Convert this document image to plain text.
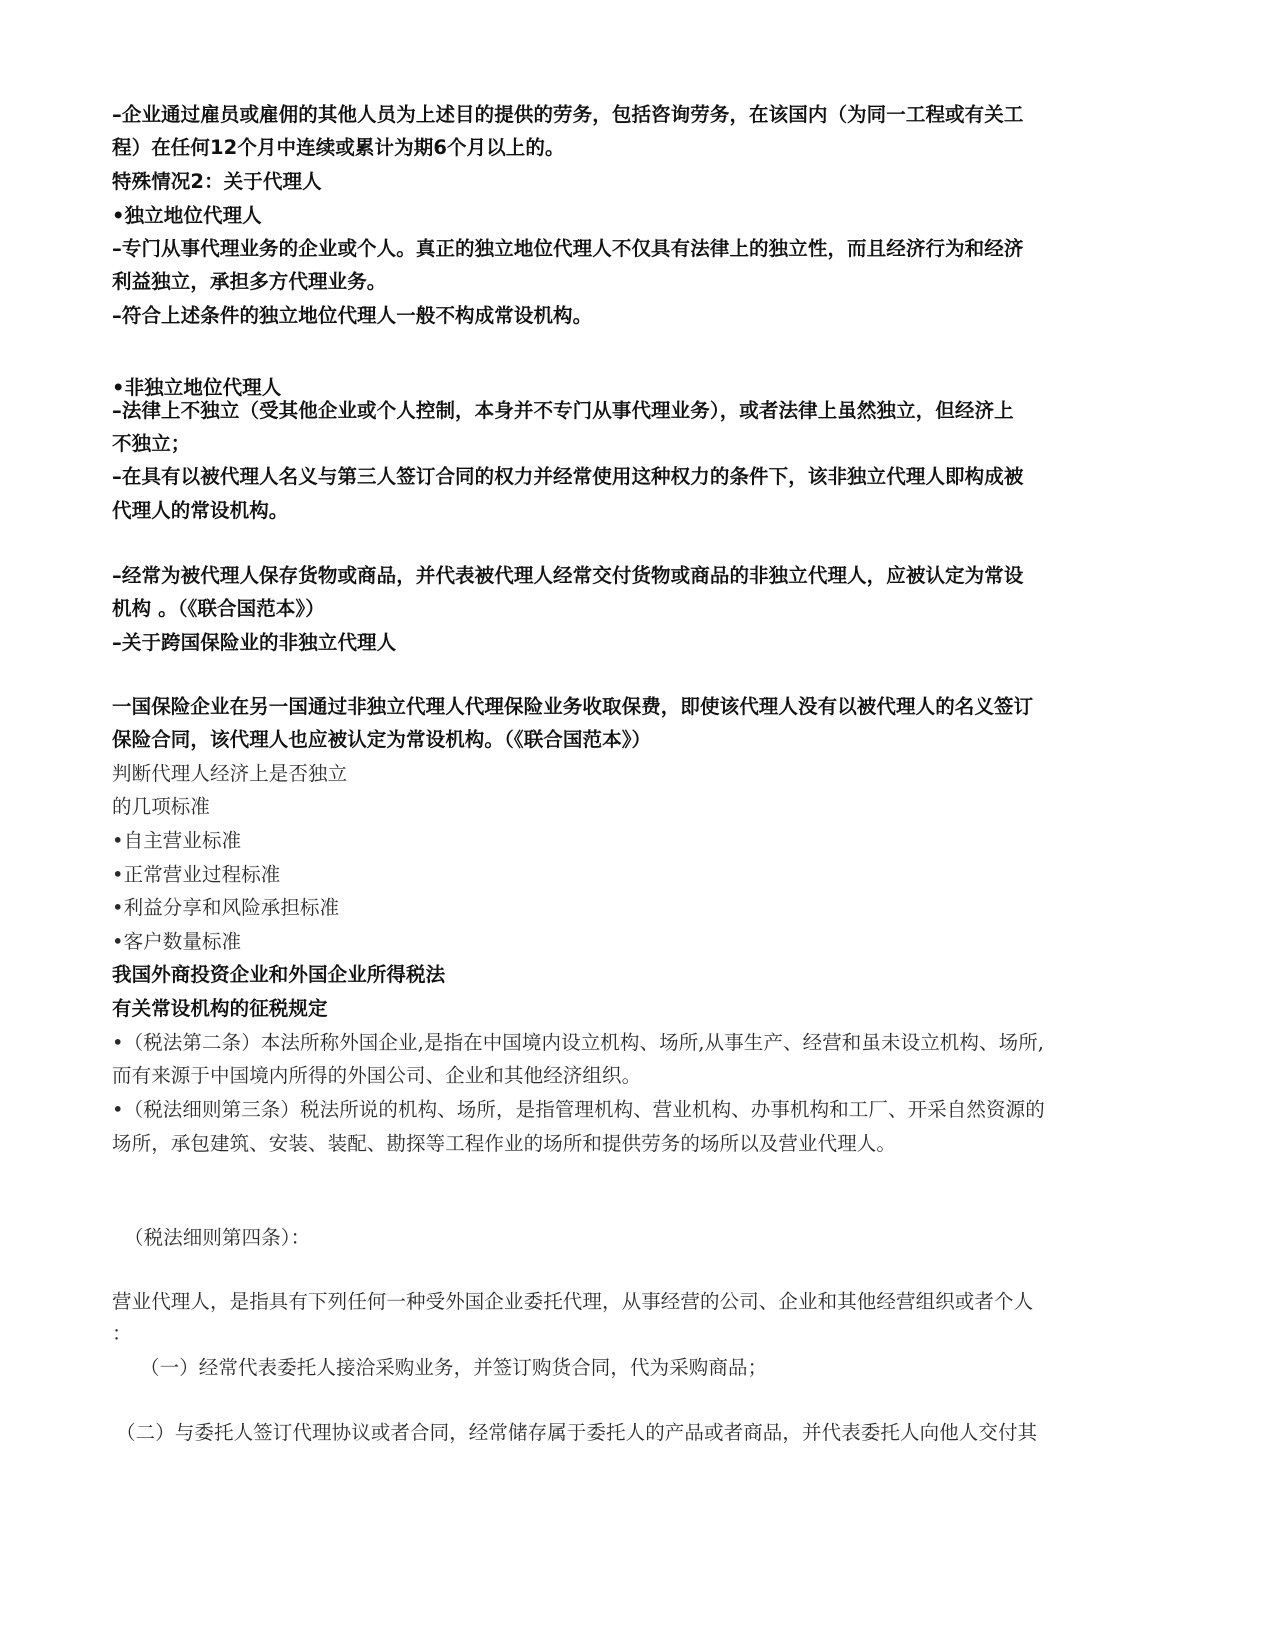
–企业通过雇员或雇佣的其他人员为上述目的提供的劳务，包括咨询劳务，在该国内（为同一工程或有关工
程）在任何12个月中连续或累计为期6个月以上的。
特殊情况2：关于代理人
•独立地位代理人
–专门从事代理业务的企业或个人。真正的独立地位代理人不仅具有法律上的独立性，而且经济行为和经济
利益独立，承担多方代理业务。
–符合上述条件的独立地位代理人一般不构成常设机构。
•非独立地位代理人
–法律上不独立（受其他企业或个人控制，本身并不专门从事代理业务），或者法律上虽然独立，但经济上
不独立；
–在具有以被代理人名义与第三人签订合同的权力并经常使用这种权力的条件下，该非独立代理人即构成被
代理人的常设机构。
–经常为被代理人保存货物或商品，并代表被代理人经常交付货物或商品的非独立代理人，应被认定为常设
机构 。（《联合国范本》）
–关于跨国保险业的非独立代理人
一国保险企业在另一国通过非独立代理人代理保险业务收取保费，即使该代理人没有以被代理人的名义签订
保险合同，该代理人也应被认定为常设机构。（《联合国范本》）
判断代理人经济上是否独立
的几项标准
•自主营业标准
•正常营业过程标准
•利益分享和风险承担标准
•客户数量标准
我国外商投资企业和外国企业所得税法
有关常设机构的征税规定
•（税法第二条）本法所称外国企业,是指在中国境内设立机构、场所,从事生产、经营和虽未设立机构、场所,
而有来源于中国境内所得的外国公司、企业和其他经济组织。
•（税法细则第三条）税法所说的机构、场所，是指管理机构、营业机构、办事机构和工厂、开采自然资源的
场所，承包建筑、安装、装配、勘探等工程作业的场所和提供劳务的场所以及营业代理人。
（税法细则第四条）：
营业代理人，是指具有下列任何一种受外国企业委托代理，从事经营的公司、企业和其他经营组织或者个人
：
（一）经常代表委托人接洽采购业务，并签订购货合同，代为采购商品；
（二）与委托人签订代理协议或者合同，经常储存属于委托人的产品或者商品，并代表委托人向他人交付其
